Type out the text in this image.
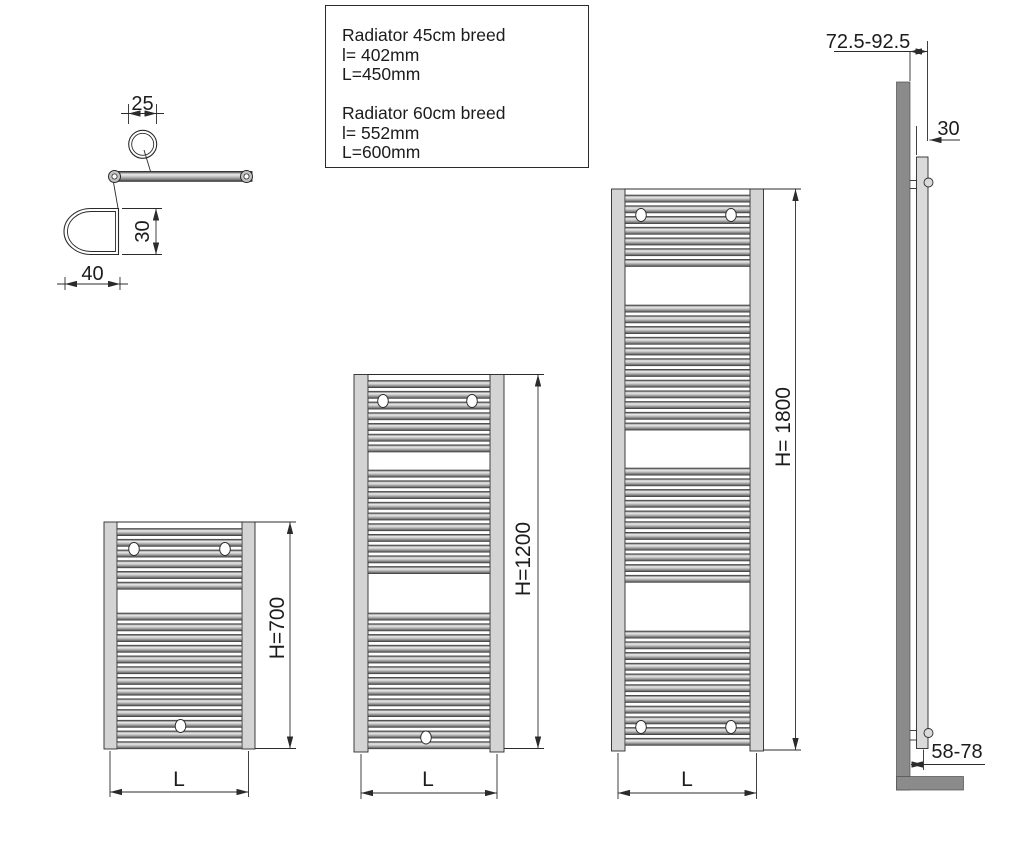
25
30
40
H=700
L
H=1200
L
H= 1800
L
72.5-92.5
30
58-78
Radiator 45cm breed
l= 402mm
L=450mm
Radiator 60cm breed
l= 552mm
L=600mm
